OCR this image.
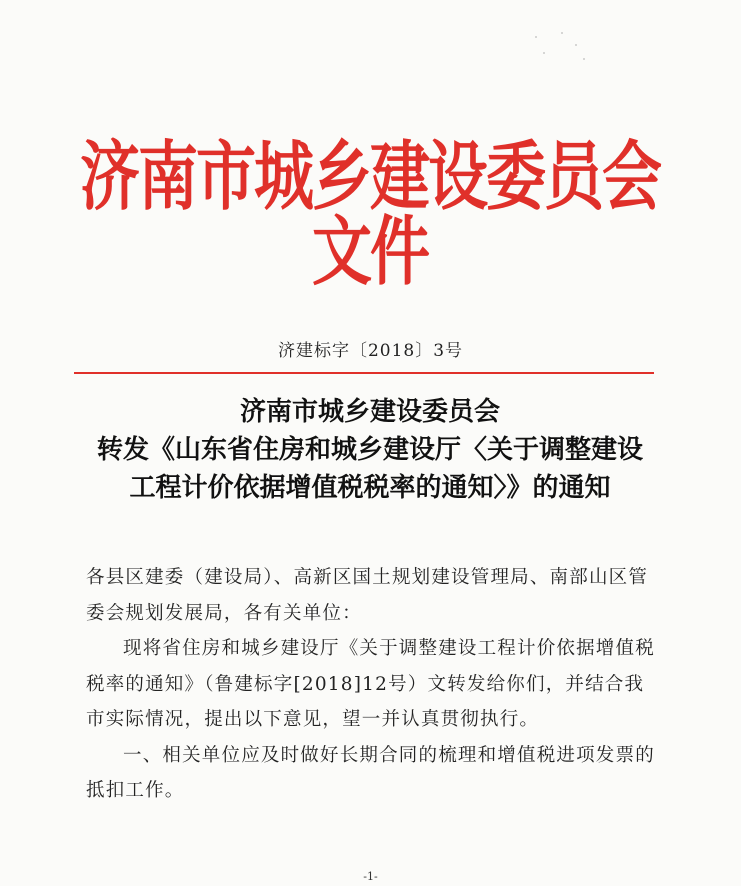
济南市城乡建设委员会文件
济建标字〔2018〕3号
济南市城乡建设委员会
转发《山东省住房和城乡建设厅〈关于调整建设
工程计价依据增值税税率的通知〉》的通知

各县区建委（建设局）、高新区国土规划建设管理局、南部山区管委会规划发展局，各有关单位：

现将省住房和城乡建设厅《关于调整建设工程计价依据增值税税率的通知》（鲁建标字[2018]12号）文转发给你们，并结合我市实际情况，提出以下意见，望一并认真贯彻执行。

一、相关单位应及时做好长期合同的梳理和增值税进项发票的抵扣工作。

-1-
